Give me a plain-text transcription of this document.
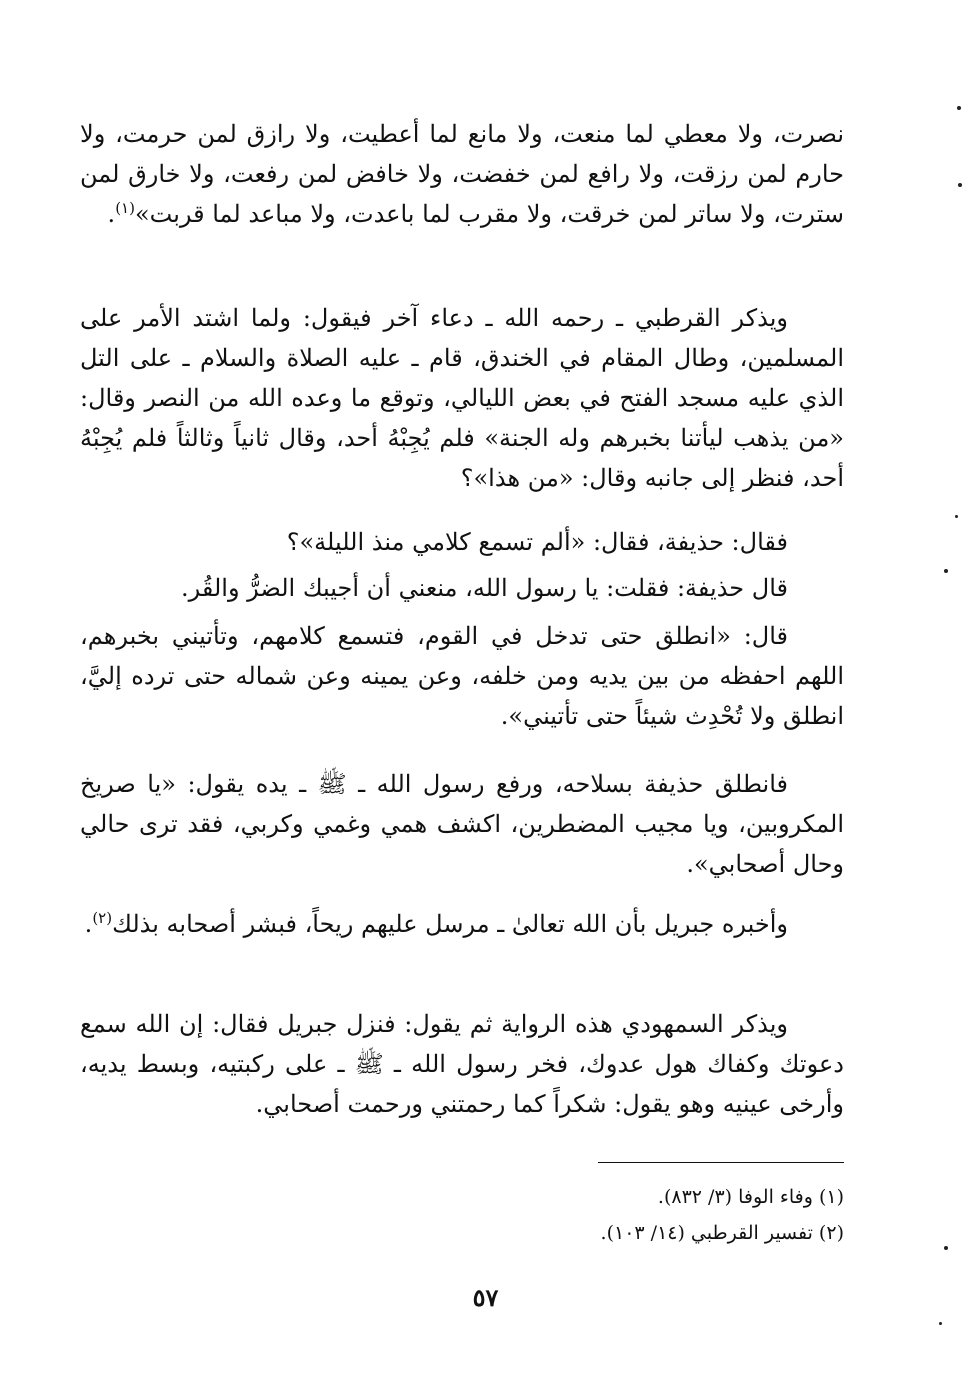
نصرت، ولا معطي لما منعت، ولا مانع لما أعطيت، ولا رازق لمن حرمت، ولا حارم لمن رزقت، ولا رافع لمن خفضت، ولا خافض لمن رفعت، ولا خارق لمن سترت، ولا ساتر لمن خرقت، ولا مقرب لما باعدت، ولا مباعد لما قربت»$^{(١)}$.
ويذكر القرطبي ـ رحمه الله ـ دعاء آخر فيقول: ولما اشتد الأمر على المسلمين، وطال المقام في الخندق، قام ـ عليه الصلاة والسلام ـ على التل الذي عليه مسجد الفتح في بعض الليالي، وتوقع ما وعده الله من النصر وقال: «من يذهب ليأتنا بخبرهم وله الجنة» فلم يُجِبْهُ أحد، وقال ثانياً وثالثاً فلم يُجِبْهُ أحد، فنظر إلى جانبه وقال: «من هذا»؟
فقال: حذيفة، فقال: «ألم تسمع كلامي منذ الليلة»؟
قال حذيفة: فقلت: يا رسول الله، منعني أن أجيبك الضرُّ والقُر.
قال: «انطلق حتى تدخل في القوم، فتسمع كلامهم، وتأتيني بخبرهم، اللهم احفظه من بين يديه ومن خلفه، وعن يمينه وعن شماله حتى ترده إليَّ، انطلق ولا تُحْدِث شيئاً حتى تأتيني».
فانطلق حذيفة بسلاحه، ورفع رسول الله ـ ﷺ ـ يده يقول: «يا صريخ المكروبين، ويا مجيب المضطرين، اكشف همي وغمي وكربي، فقد ترى حالي وحال أصحابي».
وأخبره جبريل بأن الله تعالىٰ ـ مرسل عليهم ريحاً، فبشر أصحابه بذلك$^{(٢)}$.
ويذكر السمهودي هذه الرواية ثم يقول: فنزل جبريل فقال: إن الله سمع دعوتك وكفاك هول عدوك، فخر رسول الله ـ ﷺ ـ على ركبتيه، وبسط يديه، وأرخى عينيه وهو يقول: شكراً كما رحمتني ورحمت أصحابي.
(١) وفاء الوفا (٣/ ٨٣٢).
(٢) تفسير القرطبي (١٤/ ١٠٣).
٥٧
